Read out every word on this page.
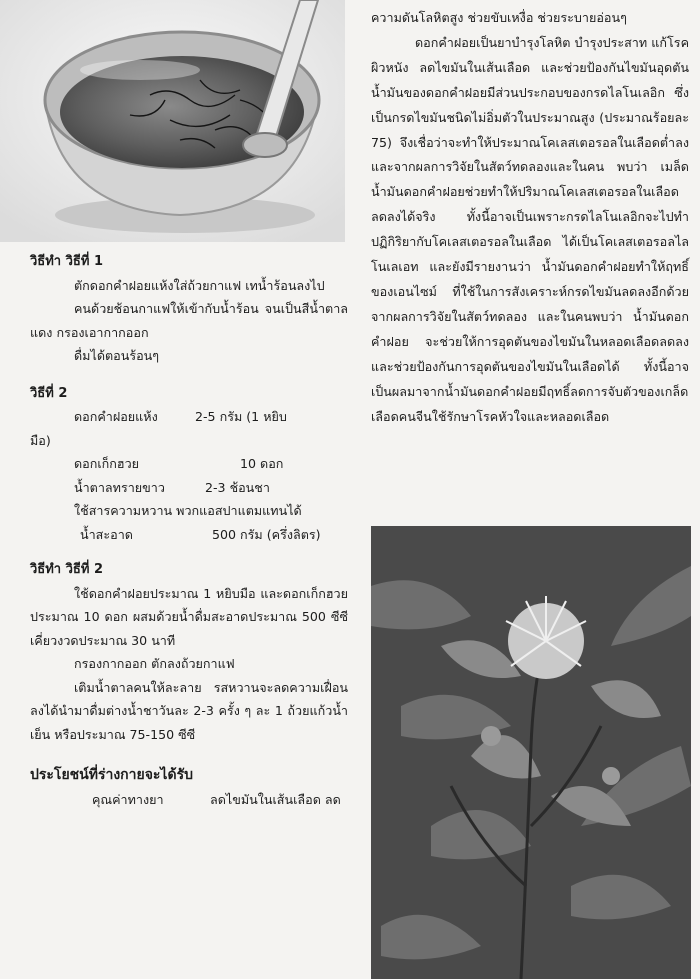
ความดันโลหิตสูง ช่วยขับเหงื่อ ช่วยระบายอ่อนๆ

ดอกคำฝอยเป็นยาบำรุงโลหิต บำรุงประสาท แก้โรคผิวหนัง ลดไขมันในเส้นเลือด และช่วยป้องกันไขมันอุดตัน น้ำมันของดอกคำฝอยมีส่วนประกอบของกรดไลโนเลอิก ซึ่งเป็นกรดไขมันชนิดไม่อิ่มตัวในประมาณสูง (ประมาณร้อยละ 75) จึงเชื่อว่าจะทำให้ประมาณโคเลสเตอรอลในเลือดต่ำลง และจากผลการวิจัยในสัตว์ทดลองและในคน พบว่า เมล็ดน้ำมันดอกคำฝอยช่วยทำให้ปริมาณโคเลสเตอรอลในเลือดลดลงได้จริง ทั้งนี้อาจเป็นเพราะกรดไลโนเลอิกจะไปทำปฏิกิริยากับโคเลสเตอรอลในเลือด ได้เป็นโคเลสเตอรอลไลโนเลเอท และยังมีรายงานว่า น้ำมันดอกคำฝอยทำให้ฤทธิ์ของเอนไซม์ ที่ใช้ในการสังเคราะห์กรดไขมันลดลงอีกด้วย จากผลการวิจัยในสัตว์ทดลอง และในคนพบว่า น้ำมันดอกคำฝอย จะช่วยให้การอุดตันของไขมันในหลอดเลือดลดลง และช่วยป้องกันการอุดตันของไขมันในเลือดได้ ทั้งนี้อาจเป็นผลมาจากน้ำมันดอกคำฝอยมีฤทธิ์ลดการจับตัวของเกล็ดเลือดคนจีนใช้รักษาโรคหัวใจและหลอดเลือด

วิธีทำ วิธีที่ 1

ตักดอกคำฝอยแห้งใส่ถ้วยกาแฟ เทน้ำร้อนลงไป

คนด้วยช้อนกาแฟให้เข้ากับน้ำร้อน จนเป็นสีน้ำตาลแดง กรองเอากากออก

ดื่มได้ตอนร้อนๆ

วิธีที่ 2

ดอกคำฝอยแห้ง	2-5 กรัม (1 หยิบ

มือ)

ดอกเก็กฮวย	10 ดอก
น้ำตาลทรายขาว	2-3 ช้อนชา

ใช้สารความหวาน พวกแอสปาแตมแทนได้

น้ำสะอาด	500 กรัม (ครึ่งลิตร)

วิธีทำ วิธีที่ 2

ใช้ดอกคำฝอยประมาณ 1 หยิบมือ และดอกเก็กฮวยประมาณ 10 ดอก ผสมด้วยน้ำดื่มสะอาดประมาณ 500 ซีซี เคี่ยวงวดประมาณ 30 นาที

กรองกากออก ตักลงถ้วยกาแฟ

เติมน้ำตาลคนให้ละลาย รสหวานจะลดความเฝื่อนลงได้นำมาดื่มต่างน้ำชาวันละ 2-3 ครั้ง ๆ ละ 1 ถ้วยแก้วน้ำเย็น หรือประมาณ 75-150 ซีซี

ประโยชน์ที่ร่างกายจะได้รับ

คุณค่าทางยา	ลดไขมันในเส้นเลือด ลด
